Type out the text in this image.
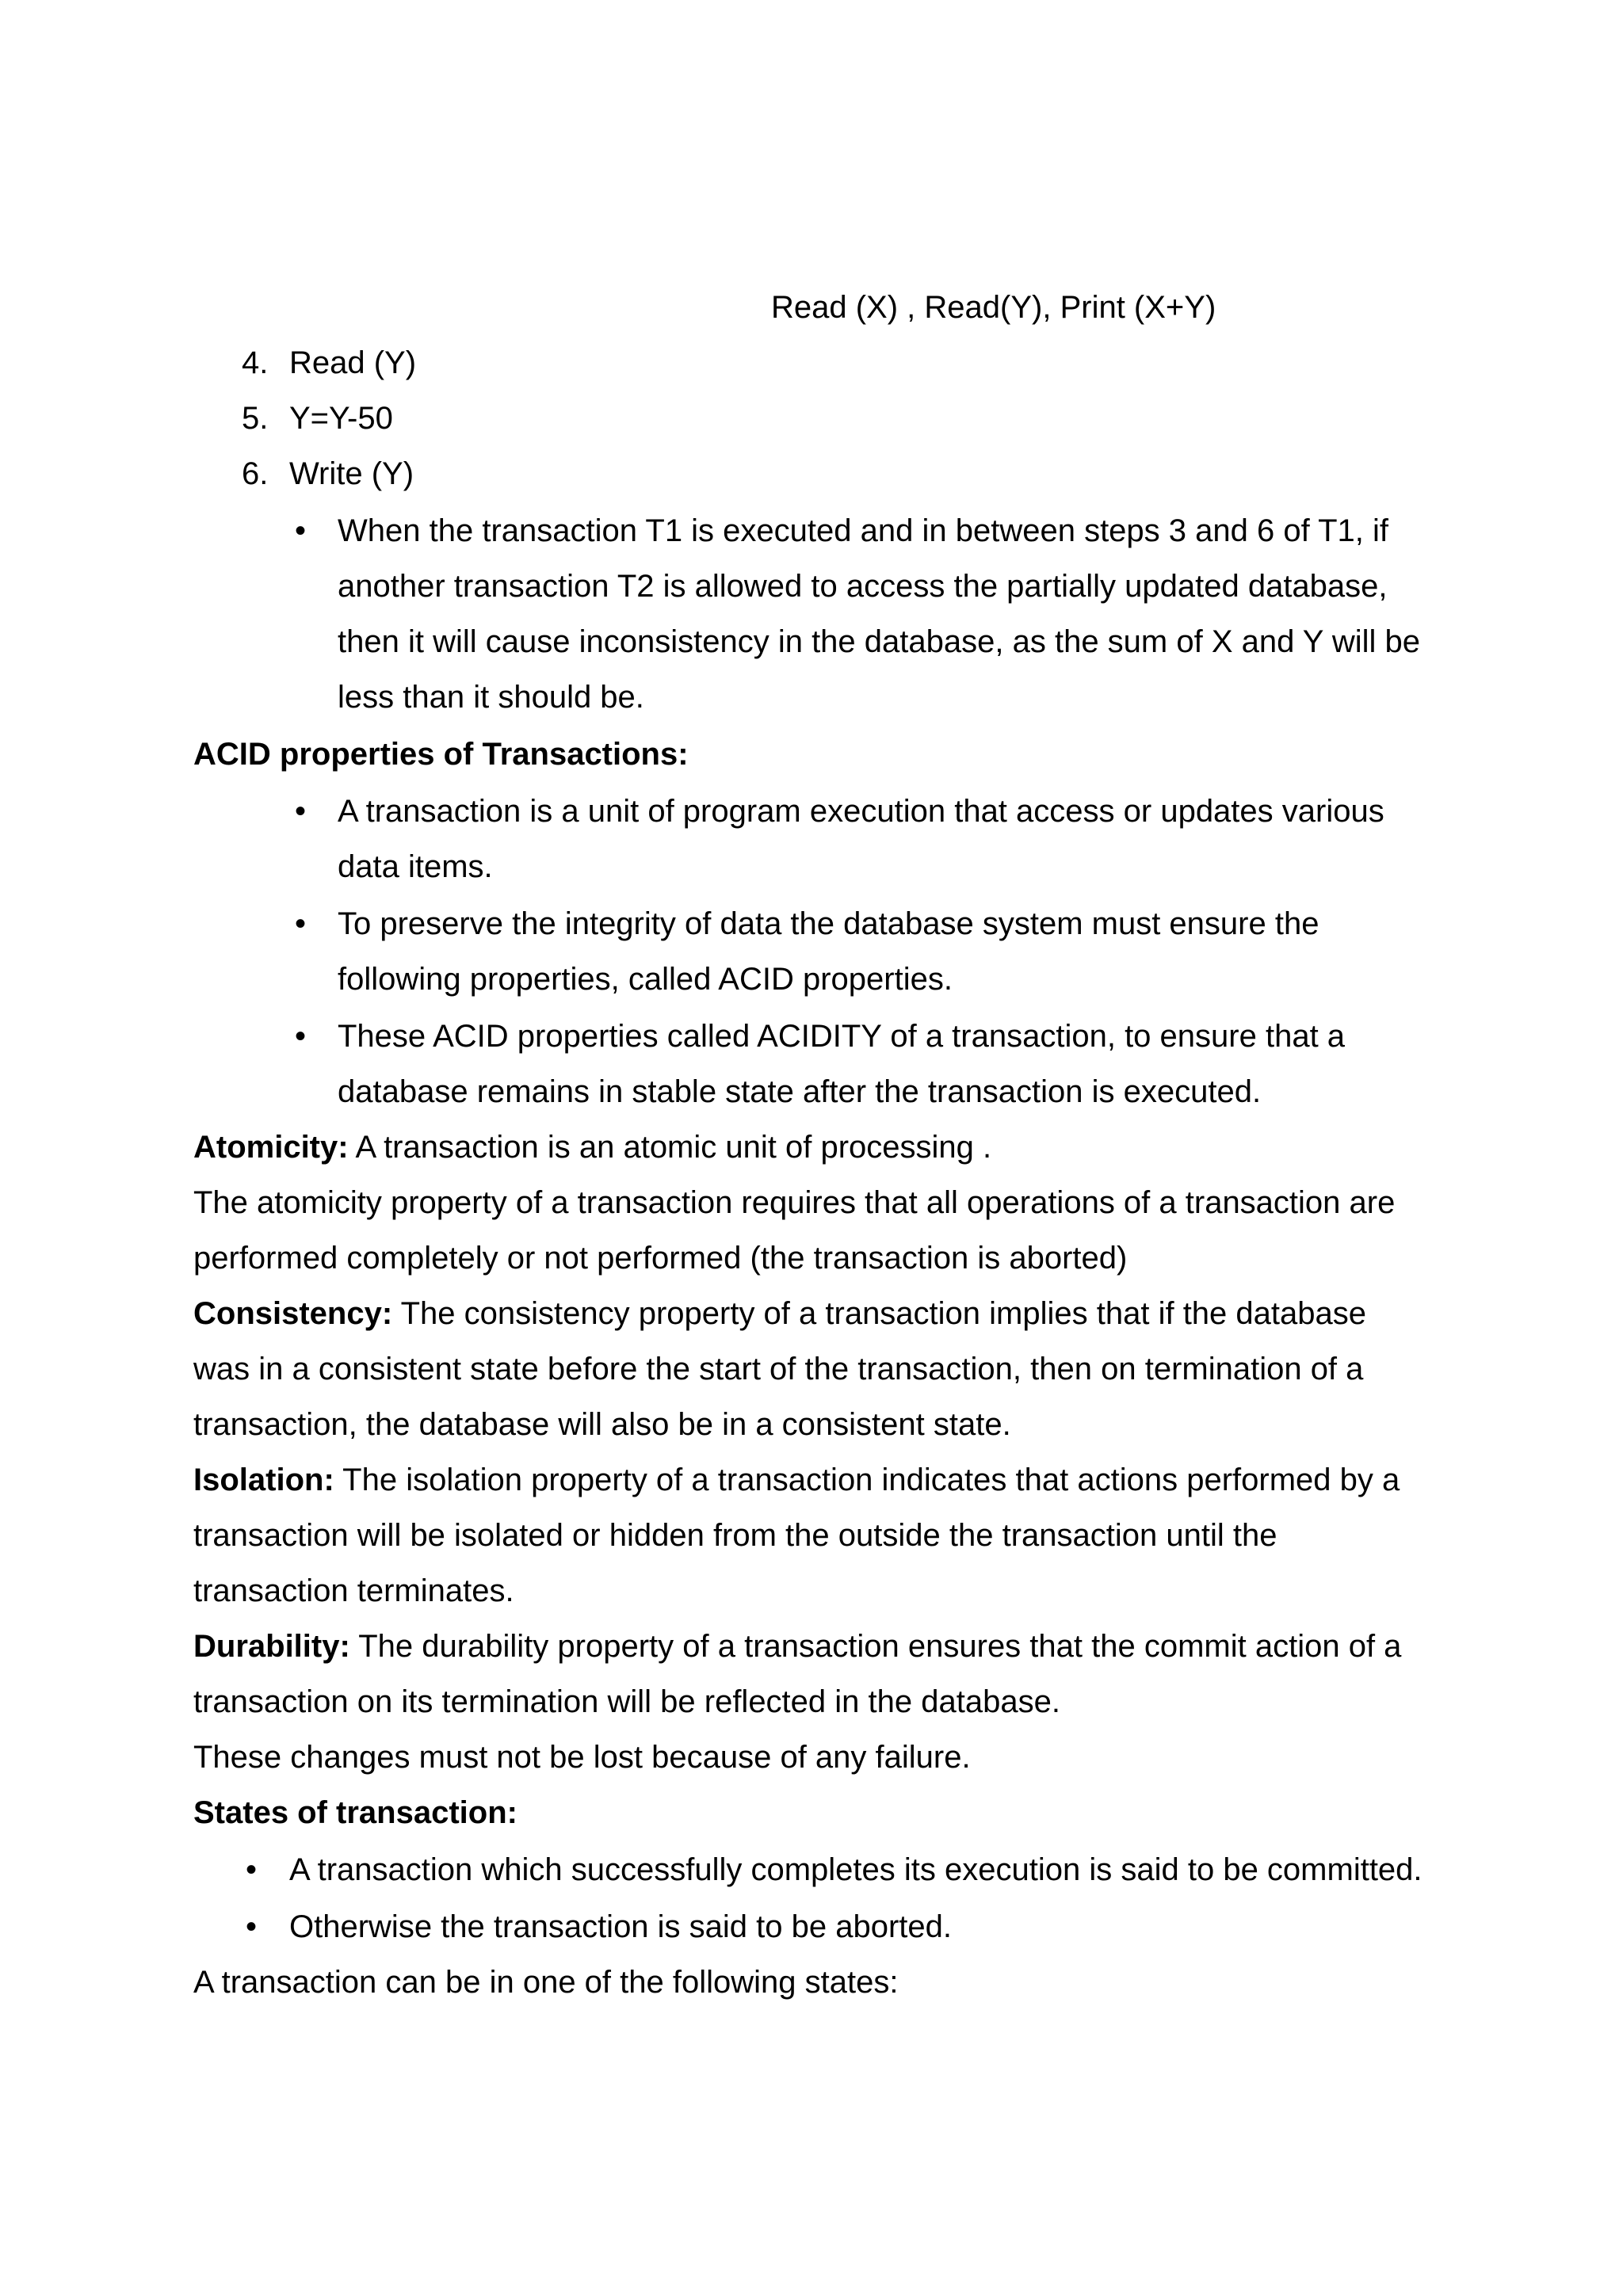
Read (X) , Read(Y), Print (X+Y)
4. Read (Y)
5. Y=Y-50
6. Write (Y)
• When the transaction T1 is executed and in between steps 3 and 6 of T1, if
another transaction T2 is allowed to access the partially updated database,
then it will cause inconsistency in the database, as the sum of X and Y will be
less than it should be.
ACID properties of Transactions:
• A transaction is a unit of program execution that access or updates various
data items.
• To preserve the integrity of data the database system must ensure the
following properties, called ACID properties.
• These ACID properties called ACIDITY of a transaction, to ensure that a
database remains in stable state after the transaction is executed.
Atomicity: A transaction is an atomic unit of processing .
The atomicity property of a transaction requires that all operations of a transaction are
performed completely or not performed (the transaction is aborted)
Consistency: The consistency property of a transaction implies that if the database
was in a consistent state before the start of the transaction, then on termination of a
transaction, the database will also be in a consistent state.
Isolation: The isolation property of a transaction indicates that actions performed by a
transaction will be isolated or hidden from the outside the transaction until the
transaction terminates.
Durability: The durability property of a transaction ensures that the commit action of a
transaction on its termination will be reflected in the database.
These changes must not be lost because of any failure.
States of transaction:
• A transaction which successfully completes its execution is said to be committed.
• Otherwise the transaction is said to be aborted.
A transaction can be in one of the following states:
